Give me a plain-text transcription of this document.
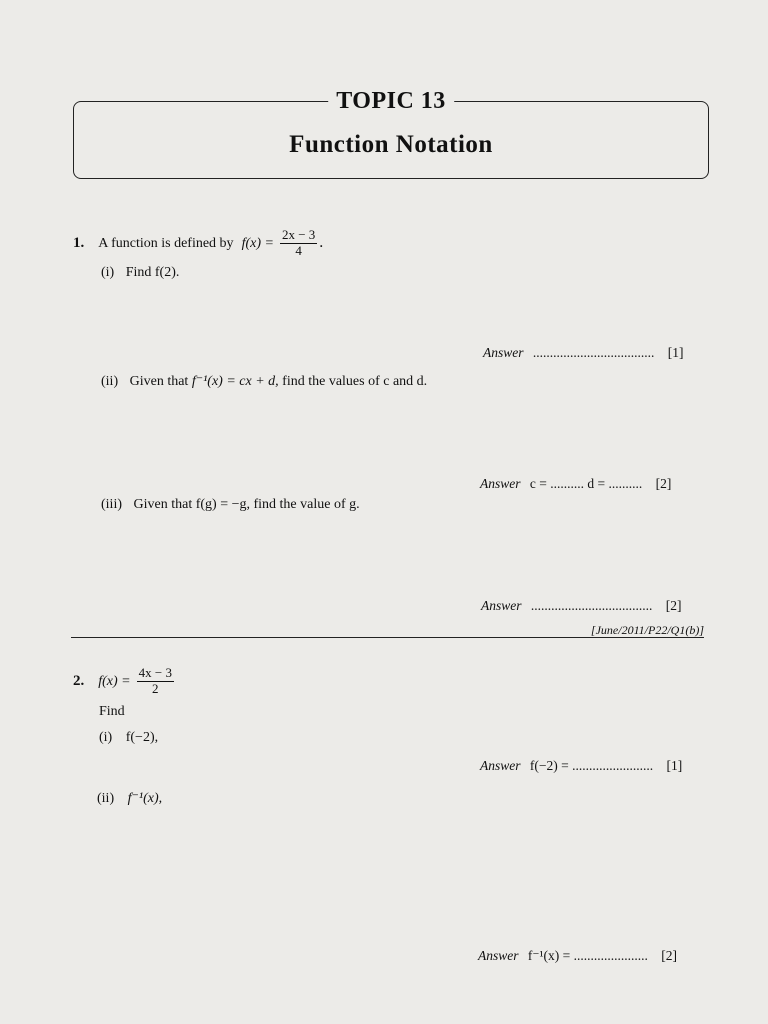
TOPIC 13
Function Notation
1. A function is defined by $f(x) = \frac{2x - 3}{4}$ .
(i) Find f(2).
Answer .................................... [1]
(ii) Given that f⁻¹(x) = cx + d, find the values of c and d.
Answer c = .......... d = .......... [2]
(iii) Given that f(g) = −g, find the value of g.
Answer .................................... [2]
[June/2011/P22/Q1(b)]
2. $f(x) = \frac{4x - 3}{2}$
Find
(i) f(−2),
Answer f(−2) = ........................ [1]
(ii) f⁻¹(x),
Answer f⁻¹(x) = ...................... [2]
